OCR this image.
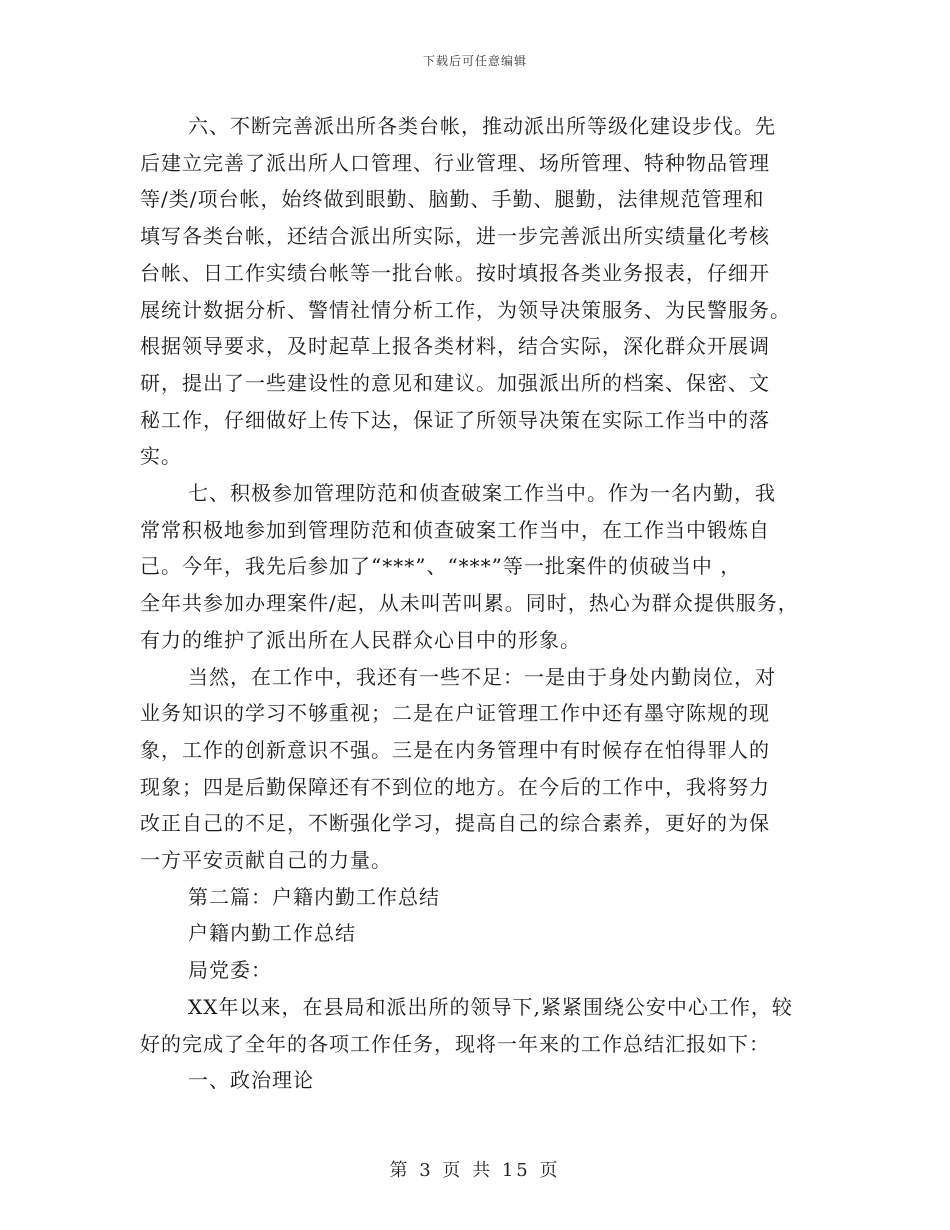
下载后可任意编辑
六、不断完善派出所各类台帐，推动派出所等级化建设步伐。先
后建立完善了派出所人口管理、行业管理、场所管理、特种物品管理
等/类/项台帐，始终做到眼勤、脑勤、手勤、腿勤，法律规范管理和
填写各类台帐，还结合派出所实际，进一步完善派出所实绩量化考核
台帐、日工作实绩台帐等一批台帐。按时填报各类业务报表，仔细开
展统计数据分析、警情社情分析工作，为领导决策服务、为民警服务。
根据领导要求，及时起草上报各类材料，结合实际，深化群众开展调
研，提出了一些建设性的意见和建议。加强派出所的档案、保密、文
秘工作，仔细做好上传下达，保证了所领导决策在实际工作当中的落
实。
七、积极参加管理防范和侦查破案工作当中。作为一名内勤，我
常常积极地参加到管理防范和侦查破案工作当中，在工作当中锻炼自
己。今年，我先后参加了“***”、“***”等一批案件的侦破当中 ，
全年共参加办理案件/起，从未叫苦叫累。同时，热心为群众提供服务，
有力的维护了派出所在人民群众心目中的形象。
当然，在工作中，我还有一些不足：一是由于身处内勤岗位，对
业务知识的学习不够重视；二是在户证管理工作中还有墨守陈规的现
象，工作的创新意识不强。三是在内务管理中有时候存在怕得罪人的
现象；四是后勤保障还有不到位的地方。在今后的工作中，我将努力
改正自己的不足，不断强化学习，提高自己的综合素养，更好的为保
一方平安贡献自己的力量。
第二篇：户籍内勤工作总结
户籍内勤工作总结
局党委：
XX年以来，在县局和派出所的领导下,紧紧围绕公安中心工作，较
好的完成了全年的各项工作任务，现将一年来的工作总结汇报如下：
一、政治理论
第 3 页 共 15 页
